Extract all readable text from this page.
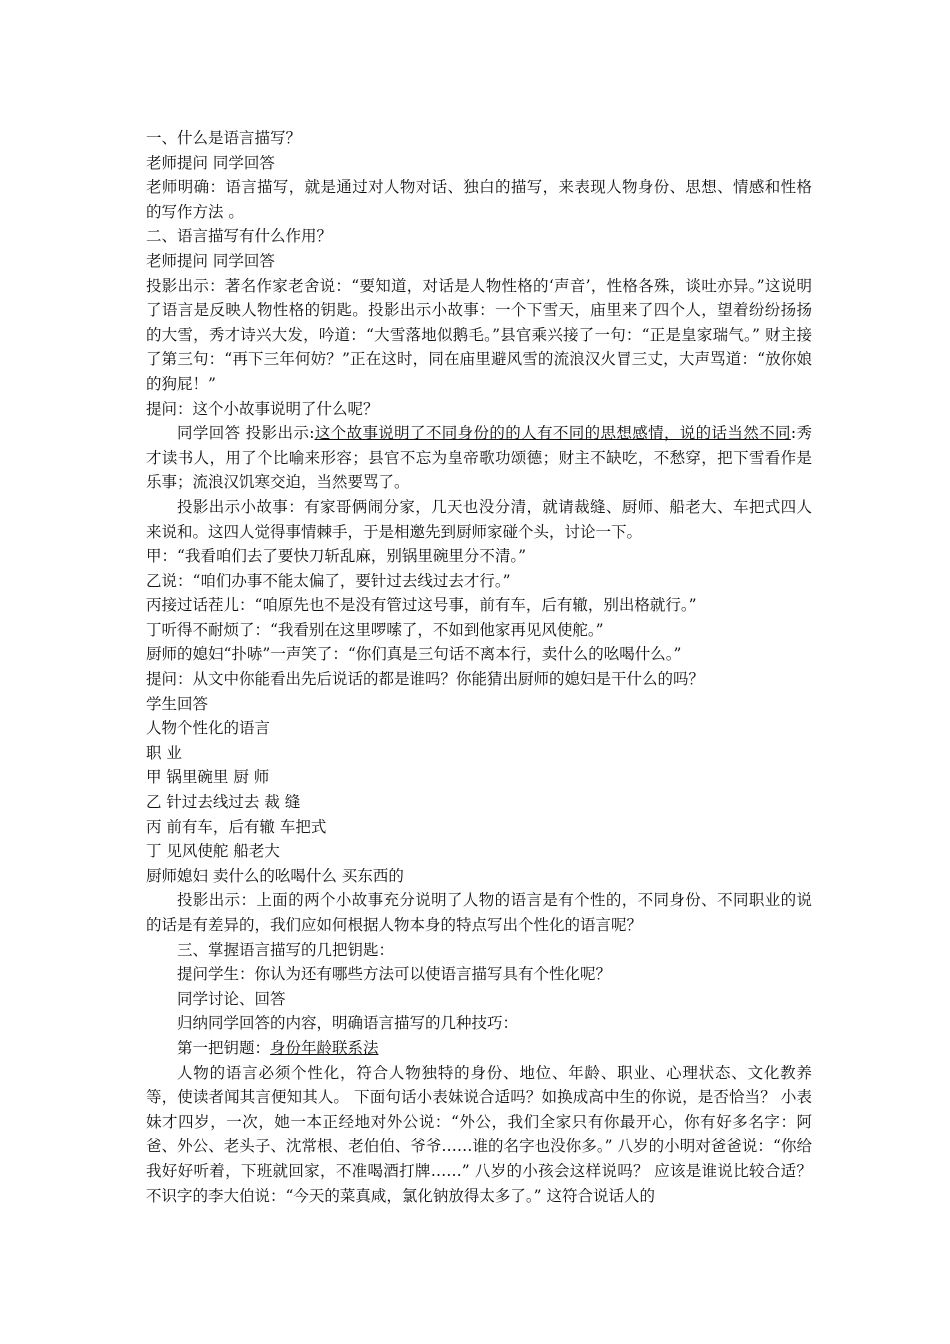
一、什么是语言描写？

老师提问 同学回答

老师明确：语言描写，就是通过对人物对话、独白的描写，来表现人物身份、思想、情感和性格的写作方法 。

二、语言描写有什么作用？

老师提问 同学回答

投影出示：著名作家老舍说：“要知道，对话是人物性格的‘声音’，性格各殊，谈吐亦异。”这说明了语言是反映人物性格的钥匙。投影出示小故事：一个下雪天，庙里来了四个人，望着纷纷扬扬的大雪，秀才诗兴大发，吟道：“大雪落地似鹅毛。”县官乘兴接了一句：“正是皇家瑞气。” 财主接了第三句：“再下三年何妨？”正在这时，同在庙里避风雪的流浪汉火冒三丈，大声骂道：“放你娘的狗屁！”

提问：这个小故事说明了什么呢？

同学回答 投影出示:这个故事说明了不同身份的的人有不同的思想感情，说的话当然不同:秀才读书人，用了个比喻来形容；县官不忘为皇帝歌功颂德；财主不缺吃，不愁穿，把下雪看作是乐事；流浪汉饥寒交迫，当然要骂了。

投影出示小故事：有家哥俩闹分家，几天也没分清，就请裁缝、厨师、船老大、车把式四人来说和。这四人觉得事情棘手，于是相邀先到厨师家碰个头，讨论一下。

甲：“我看咱们去了要快刀斩乱麻，别锅里碗里分不清。”

乙说：“咱们办事不能太偏了，要针过去线过去才行。”

丙接过话茬儿：“咱原先也不是没有管过这号事，前有车，后有辙，别出格就行。”

丁听得不耐烦了：“我看别在这里啰嗦了，不如到他家再见风使舵。”

厨师的媳妇“扑哧”一声笑了：“你们真是三句话不离本行，卖什么的吆喝什么。”

提问：从文中你能看出先后说话的都是谁吗？你能猜出厨师的媳妇是干什么的吗？

学生回答

人物个性化的语言

职 业

甲 锅里碗里 厨 师

乙 针过去线过去 裁 缝

丙 前有车，后有辙 车把式

丁 见风使舵 船老大

厨师媳妇 卖什么的吆喝什么 买东西的

投影出示：上面的两个小故事充分说明了人物的语言是有个性的，不同身份、不同职业的说的话是有差异的，我们应如何根据人物本身的特点写出个性化的语言呢？

三、掌握语言描写的几把钥匙：

提问学生：你认为还有哪些方法可以使语言描写具有个性化呢？

同学讨论、回答

归纳同学回答的内容，明确语言描写的几种技巧：

第一把钥题：身份年龄联系法

人物的语言必须个性化，符合人物独特的身份、地位、年龄、职业、心理状态、文化教养等，使读者闻其言便知其人。 下面句话小表妹说合适吗？如换成高中生的你说，是否恰当？ 小表妹才四岁，一次，她一本正经地对外公说：“外公，我们全家只有你最开心，你有好多名字：阿爸、外公、老头子、沈常根、老伯伯、爷爷……谁的名字也没你多。” 八岁的小明对爸爸说：“你给我好好听着，下班就回家，不准喝酒打牌……” 八岁的小孩会这样说吗？ 应该是谁说比较合适？ 不识字的李大伯说：“今天的菜真咸，氯化钠放得太多了。” 这符合说话人的
